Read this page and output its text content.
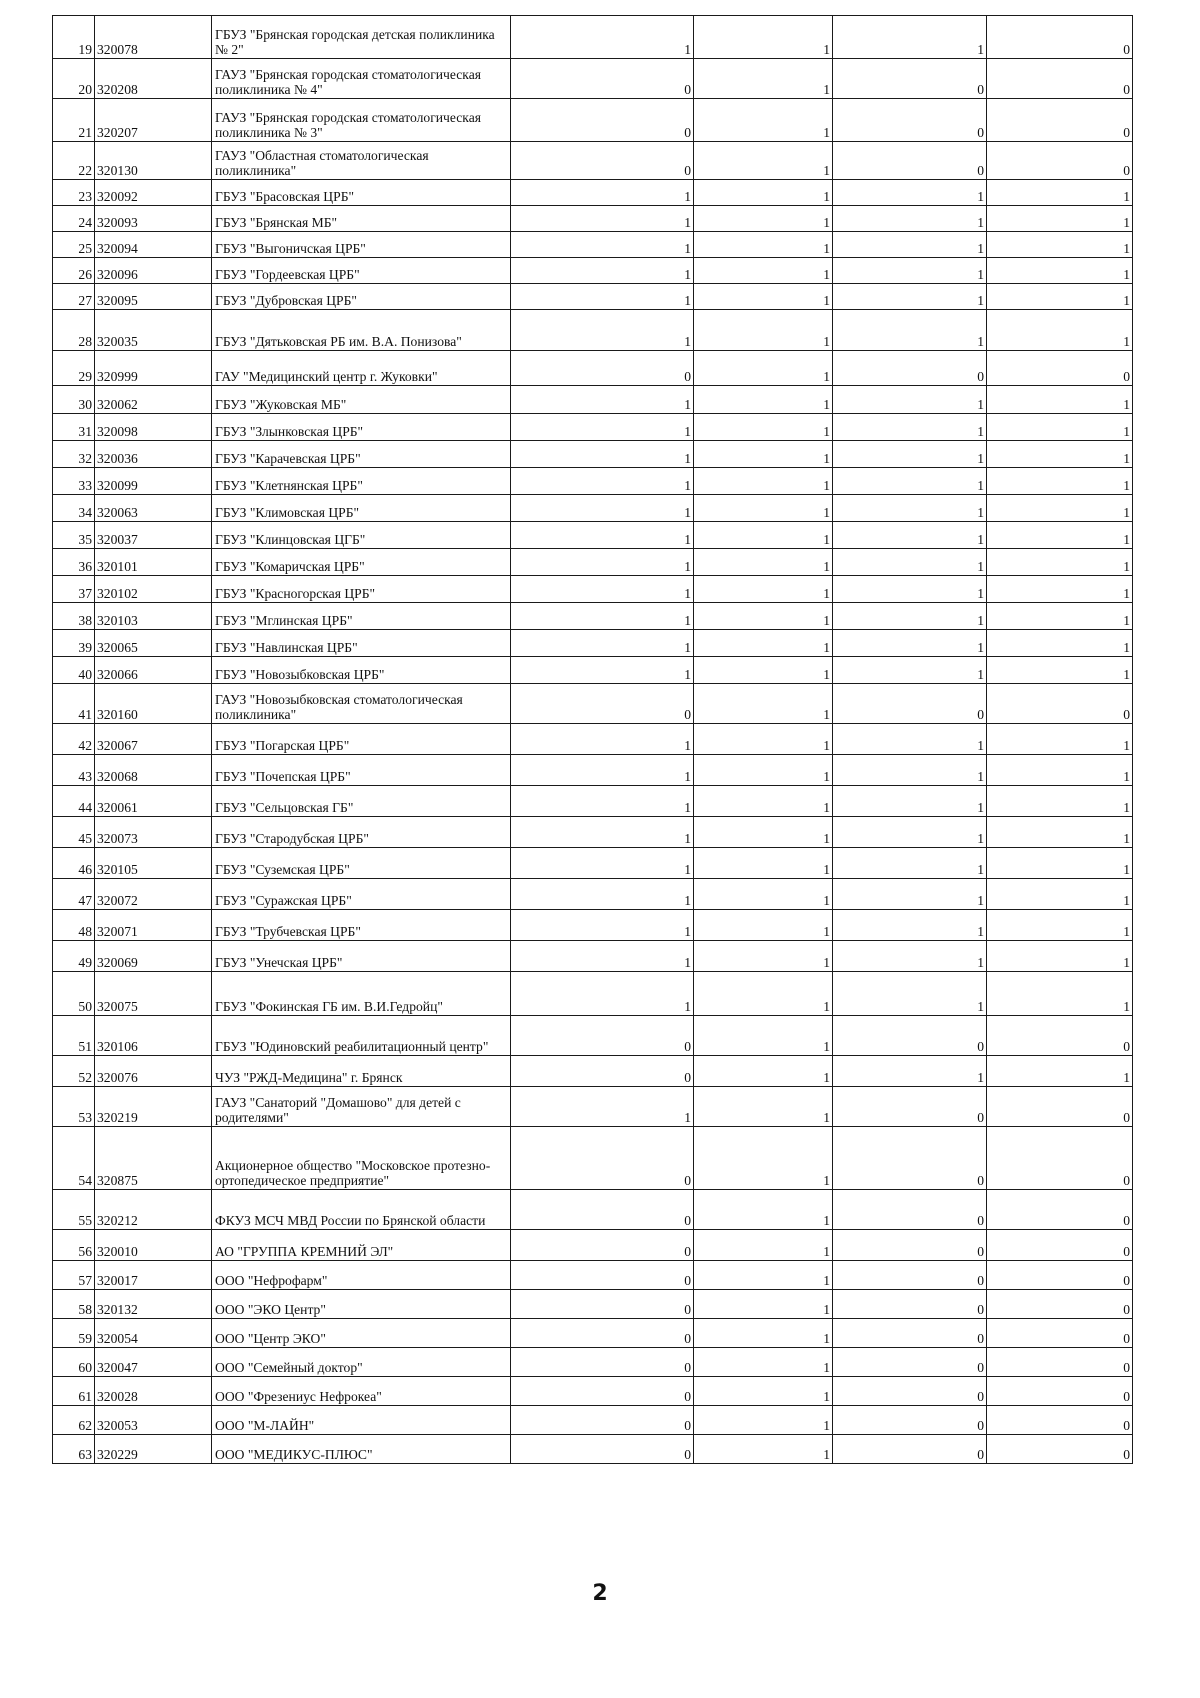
19	320078	ГБУЗ "Брянская городская детская поликлиника № 2"	1	1	1	0
20	320208	ГАУЗ "Брянская городская стоматологическая поликлиника № 4"	0	1	0	0
21	320207	ГАУЗ "Брянская городская стоматологическая поликлиника № 3"	0	1	0	0
22	320130	ГАУЗ "Областная стоматологическая поликлиника"	0	1	0	0
23	320092	ГБУЗ "Брасовская ЦРБ"	1	1	1	1
24	320093	ГБУЗ "Брянская МБ"	1	1	1	1
25	320094	ГБУЗ "Выгоничская ЦРБ"	1	1	1	1
26	320096	ГБУЗ "Гордеевская ЦРБ"	1	1	1	1
27	320095	ГБУЗ "Дубровская ЦРБ"	1	1	1	1
28	320035	ГБУЗ "Дятьковская РБ им. В.А. Понизова"	1	1	1	1
29	320999	ГАУ "Медицинский центр г. Жуковки"	0	1	0	0
30	320062	ГБУЗ "Жуковская МБ"	1	1	1	1
31	320098	ГБУЗ "Злынковская ЦРБ"	1	1	1	1
32	320036	ГБУЗ "Карачевская ЦРБ"	1	1	1	1
33	320099	ГБУЗ "Клетнянская ЦРБ"	1	1	1	1
34	320063	ГБУЗ "Климовская ЦРБ"	1	1	1	1
35	320037	ГБУЗ "Клинцовская ЦГБ"	1	1	1	1
36	320101	ГБУЗ "Комаричская ЦРБ"	1	1	1	1
37	320102	ГБУЗ "Красногорская ЦРБ"	1	1	1	1
38	320103	ГБУЗ "Мглинская ЦРБ"	1	1	1	1
39	320065	ГБУЗ "Навлинская ЦРБ"	1	1	1	1
40	320066	ГБУЗ "Новозыбковская ЦРБ"	1	1	1	1
41	320160	ГАУЗ "Новозыбковская стоматологическая поликлиника"	0	1	0	0
42	320067	ГБУЗ "Погарская ЦРБ"	1	1	1	1
43	320068	ГБУЗ "Почепская ЦРБ"	1	1	1	1
44	320061	ГБУЗ "Сельцовская ГБ"	1	1	1	1
45	320073	ГБУЗ "Стародубская ЦРБ"	1	1	1	1
46	320105	ГБУЗ "Суземская ЦРБ"	1	1	1	1
47	320072	ГБУЗ "Суражская ЦРБ"	1	1	1	1
48	320071	ГБУЗ "Трубчевская ЦРБ"	1	1	1	1
49	320069	ГБУЗ "Унечская ЦРБ"	1	1	1	1
50	320075	ГБУЗ "Фокинская ГБ им. В.И.Гедройц"	1	1	1	1
51	320106	ГБУЗ "Юдиновский реабилитационный центр"	0	1	0	0
52	320076	ЧУЗ "РЖД-Медицина" г. Брянск	0	1	1	1
53	320219	ГАУЗ "Санаторий "Домашово" для детей с родителями"	1	1	0	0
54	320875	Акционерное общество "Московское протезно-ортопедическое предприятие"	0	1	0	0
55	320212	ФКУЗ МСЧ МВД России по Брянской области	0	1	0	0
56	320010	АО "ГРУППА КРЕМНИЙ ЭЛ"	0	1	0	0
57	320017	ООО "Нефрофарм"	0	1	0	0
58	320132	ООО "ЭКО Центр"	0	1	0	0
59	320054	ООО "Центр ЭКО"	0	1	0	0
60	320047	ООО "Семейный доктор"	0	1	0	0
61	320028	ООО "Фрезениус Нефрокеа"	0	1	0	0
62	320053	ООО "М-ЛАЙН"	0	1	0	0
63	320229	ООО "МЕДИКУС-ПЛЮС"	0	1	0	0
2
